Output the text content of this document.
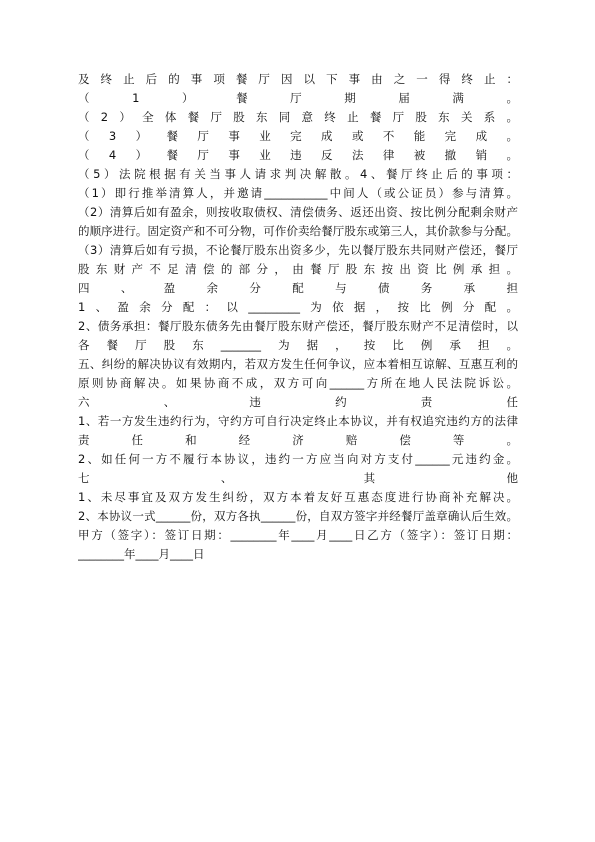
及终止后的事项餐厅因以下事由之一得终止：
（1）餐厅期届满。
（2）全体餐厅股东同意终止餐厅股东关系。
（3）餐厅事业完成或不能完成。
（4）餐厅事业违反法律被撤销。
（5）法院根据有关当事人请求判决解散。4、餐厅终止后的事项：
（1）即行推举清算人，并邀请___________中间人（或公证员）参与清算。
（2）清算后如有盈余，则按收取债权、清偿债务、返还出资、按比例分配剩余财产
的顺序进行。固定资产和不可分物，可作价卖给餐厅股东或第三人，其价款参与分配。
（3）清算后如有亏损，不论餐厅股东出资多少，先以餐厅股东共同财产偿还，餐厅
股东财产不足清偿的部分，由餐厅股东按出资比例承担。
四、盈余分配与债务承担
1、盈余分配：以_________为依据，按比例分配。
2、债务承担：餐厅股东债务先由餐厅股东财产偿还，餐厅股东财产不足清偿时，以
各餐厅股东_______为据，按比例承担。
五、纠纷的解决协议有效期内，若双方发生任何争议，应本着相互谅解、互惠互利的
原则协商解决。如果协商不成，双方可向______方所在地人民法院诉讼。
六、违约责任
1、若一方发生违约行为，守约方可自行决定终止本协议，并有权追究违约方的法律
责任和经济赔偿等。
2、如任何一方不履行本协议，违约一方应当向对方支付______元违约金。
七、其他
1、未尽事宜及双方发生纠纷，双方本着友好互惠态度进行协商补充解决。
2、本协议一式______份，双方各执______份，自双方签字并经餐厅盖章确认后生效。
甲方（签字）：签订日期：________年____月____日乙方（签字）：签订日期：
________年____月____日
